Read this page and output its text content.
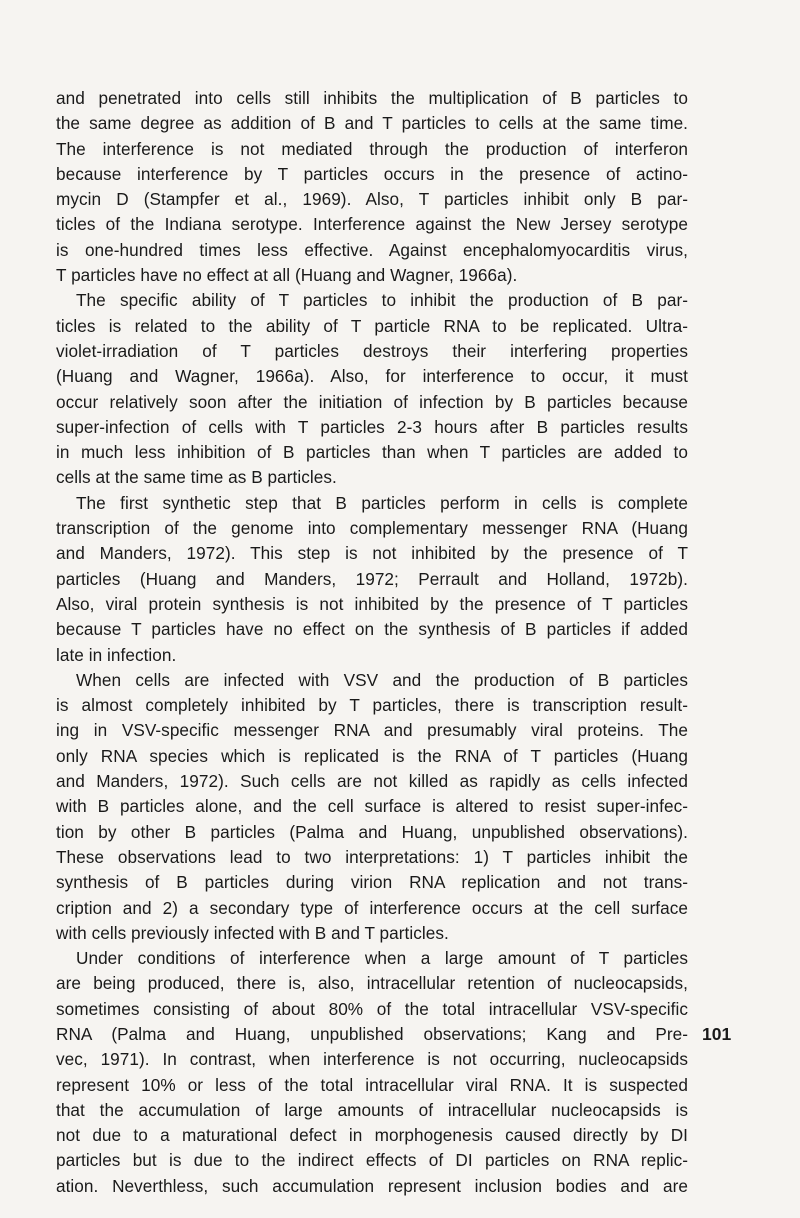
and penetrated into cells still inhibits the multiplication of B particles to
the same degree as addition of B and T particles to cells at the same time.
The interference is not mediated through the production of interferon
because interference by T particles occurs in the presence of actino-
mycin D (Stampfer et al., 1969). Also, T particles inhibit only B par-
ticles of the Indiana serotype. Interference against the New Jersey serotype
is one-hundred times less effective. Against encephalomyocarditis virus,
T particles have no effect at all (Huang and Wagner, 1966a).
The specific ability of T particles to inhibit the production of B par-
ticles is related to the ability of T particle RNA to be replicated. Ultra-
violet-irradiation of T particles destroys their interfering properties
(Huang and Wagner, 1966a). Also, for interference to occur, it must
occur relatively soon after the initiation of infection by B particles because
super-infection of cells with T particles 2-3 hours after B particles results
in much less inhibition of B particles than when T particles are added to
cells at the same time as B particles.
The first synthetic step that B particles perform in cells is complete
transcription of the genome into complementary messenger RNA (Huang
and Manders, 1972). This step is not inhibited by the presence of T
particles (Huang and Manders, 1972; Perrault and Holland, 1972b).
Also, viral protein synthesis is not inhibited by the presence of T particles
because T particles have no effect on the synthesis of B particles if added
late in infection.
When cells are infected with VSV and the production of B particles
is almost completely inhibited by T particles, there is transcription result-
ing in VSV-specific messenger RNA and presumably viral proteins. The
only RNA species which is replicated is the RNA of T particles (Huang
and Manders, 1972). Such cells are not killed as rapidly as cells infected
with B particles alone, and the cell surface is altered to resist super-infec-
tion by other B particles (Palma and Huang, unpublished observations).
These observations lead to two interpretations: 1) T particles inhibit the
synthesis of B particles during virion RNA replication and not trans-
cription and 2) a secondary type of interference occurs at the cell surface
with cells previously infected with B and T particles.
Under conditions of interference when a large amount of T particles
are being produced, there is, also, intracellular retention of nucleocapsids,
sometimes consisting of about 80% of the total intracellular VSV-specific
RNA (Palma and Huang, unpublished observations; Kang and Pre-
vec, 1971). In contrast, when interference is not occurring, nucleocapsids
represent 10% or less of the total intracellular viral RNA. It is suspected
that the accumulation of large amounts of intracellular nucleocapsids is
not due to a maturational defect in morphogenesis caused directly by DI
particles but is due to the indirect effects of DI particles on RNA replic-
ation. Neverthless, such accumulation represent inclusion bodies and are
101
